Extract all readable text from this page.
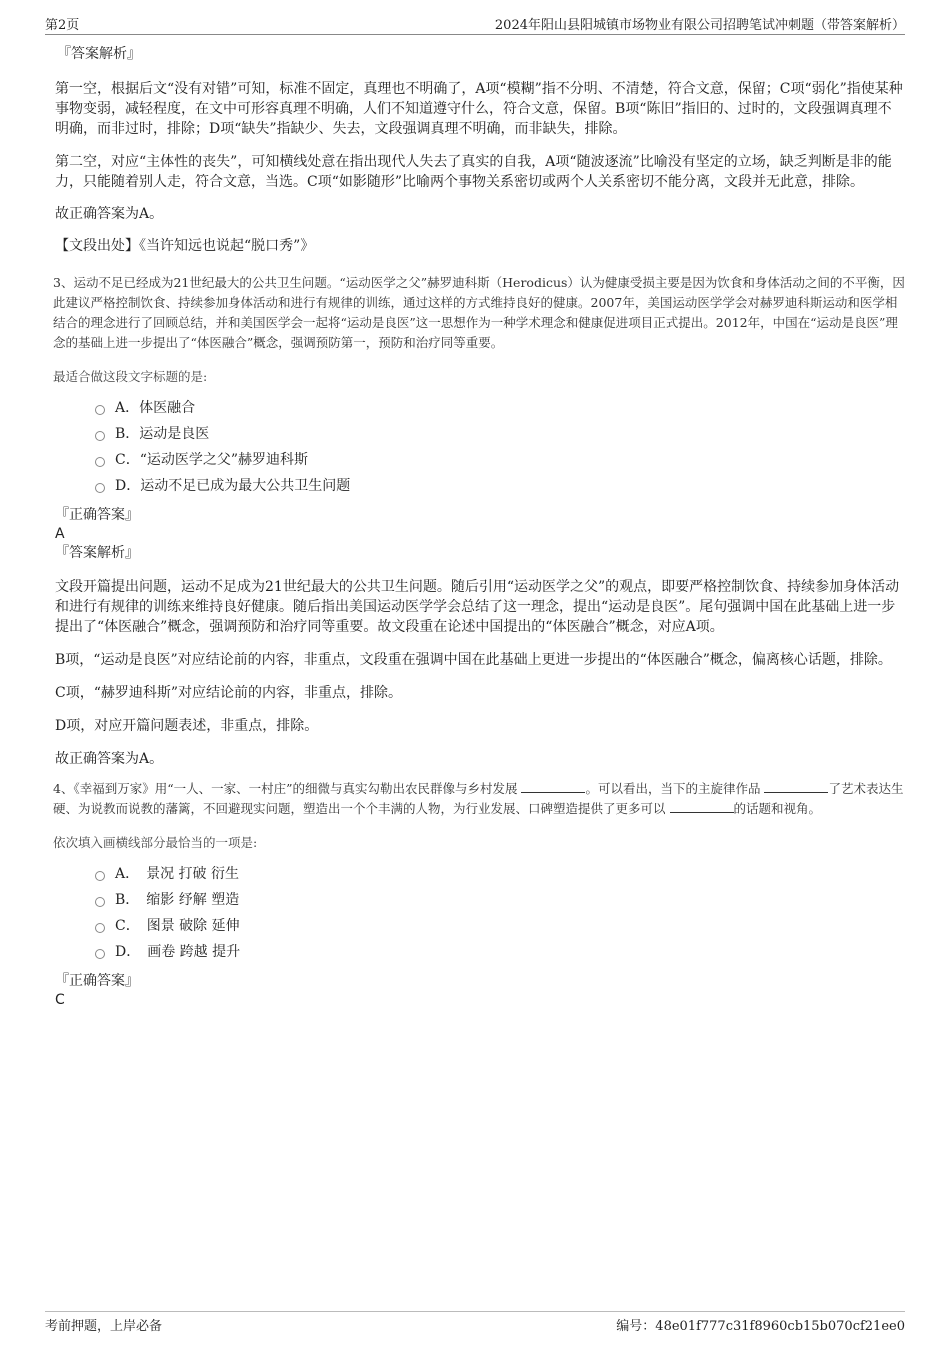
第2页	2024年阳山县阳城镇市场物业有限公司招聘笔试冲刺题（带答案解析）
『答案解析』

第一空，根据后文“没有对错”可知，标准不固定，真理也不明确了，A项“模糊”指不分明、不清楚，符合文意，保留；C项“弱化”指使某种事物变弱，减轻程度，在文中可形容真理不明确，人们不知道遵守什么，符合文意，保留。B项“陈旧”指旧的、过时的，文段强调真理不明确，而非过时，排除；D项“缺失”指缺少、失去，文段强调真理不明确，而非缺失，排除。

第二空，对应“主体性的丧失”，可知横线处意在指出现代人失去了真实的自我，A项“随波逐流”比喻没有坚定的立场，缺乏判断是非的能力，只能随着别人走，符合文意，当选。C项“如影随形”比喻两个事物关系密切或两个人关系密切不能分离，文段并无此意，排除。

故正确答案为A。

【文段出处】《当许知远也说起“脱口秀”》

3、运动不足已经成为21世纪最大的公共卫生问题。“运动医学之父”赫罗迪科斯（Herodicus）认为健康受损主要是因为饮食和身体活动之间的不平衡，因此建议严格控制饮食、持续参加身体活动和进行有规律的训练，通过这样的方式维持良好的健康。2007年，美国运动医学学会对赫罗迪科斯运动和医学相结合的理念进行了回顾总结，并和美国医学会一起将“运动是良医”这一思想作为一种学术理念和健康促进项目正式提出。2012年，中国在“运动是良医”理念的基础上进一步提出了“体医融合”概念，强调预防第一，预防和治疗同等重要。

最适合做这段文字标题的是:
A．体医融合
B．运动是良医
C．“运动医学之父”赫罗迪科斯
D．运动不足已成为最大公共卫生问题
『正确答案』
A
『答案解析』

文段开篇提出问题，运动不足成为21世纪最大的公共卫生问题。随后引用“运动医学之父”的观点，即要严格控制饮食、持续参加身体活动和进行有规律的训练来维持良好健康。随后指出美国运动医学学会总结了这一理念，提出“运动是良医”。尾句强调中国在此基础上进一步提出了“体医融合”概念，强调预防和治疗同等重要。故文段重在论述中国提出的“体医融合”概念，对应A项。

B项，“运动是良医”对应结论前的内容，非重点，文段重在强调中国在此基础上更进一步提出的“体医融合”概念，偏离核心话题，排除。

C项，“赫罗迪科斯”对应结论前的内容，非重点，排除。

D项，对应开篇问题表述，非重点，排除。

故正确答案为A。

4、《幸福到万家》用“一人、一家、一村庄”的细微与真实勾勒出农民群像与乡村发展	。可以看出，当下的主旋律作品	了艺术表达生硬、为说教而说教的藩篱，不回避现实问题，塑造出一个个丰满的人物，为行业发展、口碑塑造提供了更多可以	的话题和视角。

依次填入画横线部分最恰当的一项是:
A．　景况 打破 衍生
B．　缩影 纾解 塑造
C．　图景 破除 延伸
D．　画卷 跨越 提升
『正确答案』
C
考前押题，上岸必备	编号：48e01f777c31f8960cb15b070cf21ee0
